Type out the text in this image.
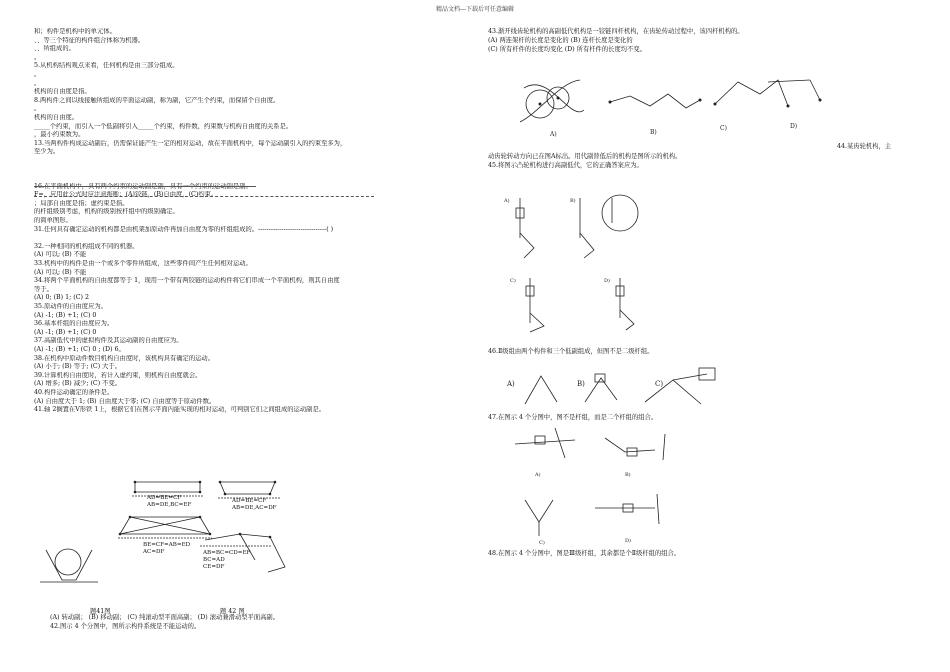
精品文档---下载后可任意编辑
和；构件是机构中的单元体。
、、等三个特征的构件组合体称为机器。
、、所组成的。
。
5.从机构结构观点来看，任何机构是由三部分组成。
。
。
机构的自由度是指。
8.两构件之间以线接触所组成的平面运动副，称为副，它产生个约束，而保留个自由度。
。
机构的自由度。
_____个约束，而引入一个低副将引入_____个约束，构件数，约束数与机构自由度的关系是。
，最小约束数为。
13.当两构件构成运动副后，仍需保证能产生一定的相对运动，故在平面机构中，每个运动副引入的约束至多为，
至少为。
16.在平面机构中，具有两个约束的运动副是副，具有一个约束的运动副是副。
F=，应用此公式时应注意推断：(A)铰链，(B)自由度，(C)约束。
；局部自由度是指；虚约束是指。
的杆组级别考虑，机构的级别按杆组中的级别确定。
的简单图形。
31.任何具有确定运动的机构都是由机架加原动件再加自由度为零的杆组组成的。--------------------------------( )
32.一种相同的机构组成不同的机器。
(A) 可以; (B) 不能
33.机构中的构件是由一个或多个零件所组成，这些零件间产生任何相对运动。
(A) 可以; (B) 不能
34.将两个平面机构的自由度都等于 1，现用一个带有两铰链的运动构件将它们串成一个平面机构，则其自由度
等于。
(A) 0; (B) 1; (C) 2
35.原动件的自由度应为。
(A) -1; (B) +1; (C) 0
36.基本杆组的自由度应为。
(A) -1; (B) +1; (C) 0
37.高副低代中的虚拟构件及其运动副的自由度应为。
(A) -1; (B) +1; (C) 0 ; (D) 6。
38.在机构中原动件数目机构自由度时，该机构具有确定的运动。
(A) 小于; (B) 等于; (C) 大于。
39.计算机构自由度时，若计入虚约束，则机构自由度就会。
(A) 增多; (B) 减少; (C) 不变。
40.构件运动确定的条件是。
(A) 自由度大于 1; (B) 自由度大于零; (C) 自由度等于原动件数。
41.轴 2搁置在V形铁 1上，根据它们在图示平面内能实现的相对运动，可判别它们之间组成的运动副是。
AD=BE=CF
AB=DE,BC=EF
AD=BE=CF
AB=DE,AC=DF
BE=CF=AB=ED
AC=DF	AB=BC=CD=EF
BC=AD
CE=DF
题41图	题 42 图
(A) 转动副； (B) 移动副； (C) 纯滚动型平面高副； (D) 滚动兼滑动型平面高副。
42.图示 4 个分图中，图所示构件系统是不能运动的。
43.渐开线齿轮机构的高副低代机构是一铰链四杆机构，在齿轮传动过程中，该四杆机构的。
(A) 两连架杆的长度是变化的 (B) 连杆长度是变化的
(C) 所有杆件的长度均变化 (D) 所有杆件的长度均不变。
A)	B)
C)	D)
44.某齿轮机构，主
动齿轮转动方向已在图A标出。用代副替低后的机构是图所示的机构。
45.将图示凸轮机构进行高副低代，它的正确答案应为。
A)	B)
C)	D)
46.Ⅱ级组由两个构件和三个低副组成，但图不是二级杆组。
A)	B)	C)
47.在图示 4 个分图中，图不是杆组，而是二个杆组的组合。
A)	B)
C)	D)
48.在图示 4 个分图中，图是Ⅲ级杆组，其余都是个Ⅱ级杆组的组合。
